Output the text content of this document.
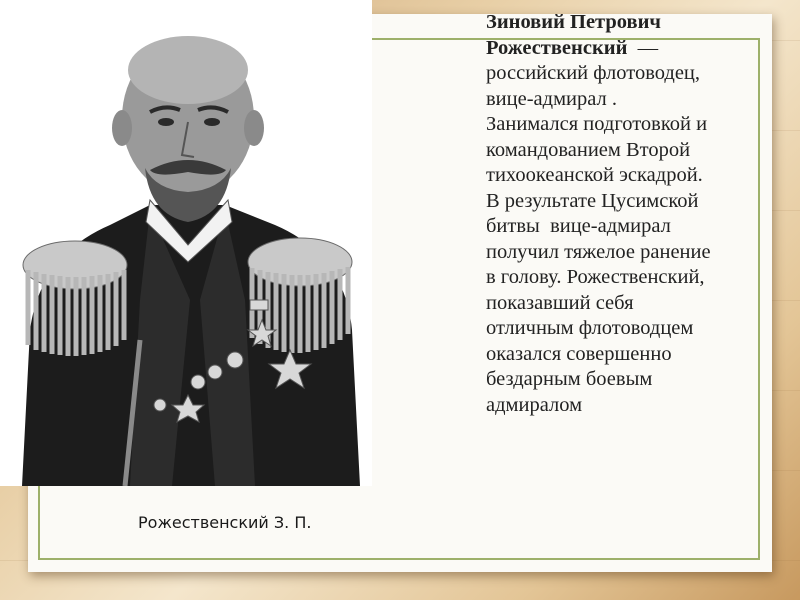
Рожественский З. П.
Зиновий Петрович
Рожественский —
российский флотоводец,
вице-адмирал .
Занимался подготовкой и
командованием Второй
тихоокеанской эскадрой.
В результате Цусимской
битвы  вице-адмирал
получил тяжелое ранение
в голову. Рожественский,
показавший себя
отличным флотоводцем
оказался совершенно
бездарным боевым
адмиралом
